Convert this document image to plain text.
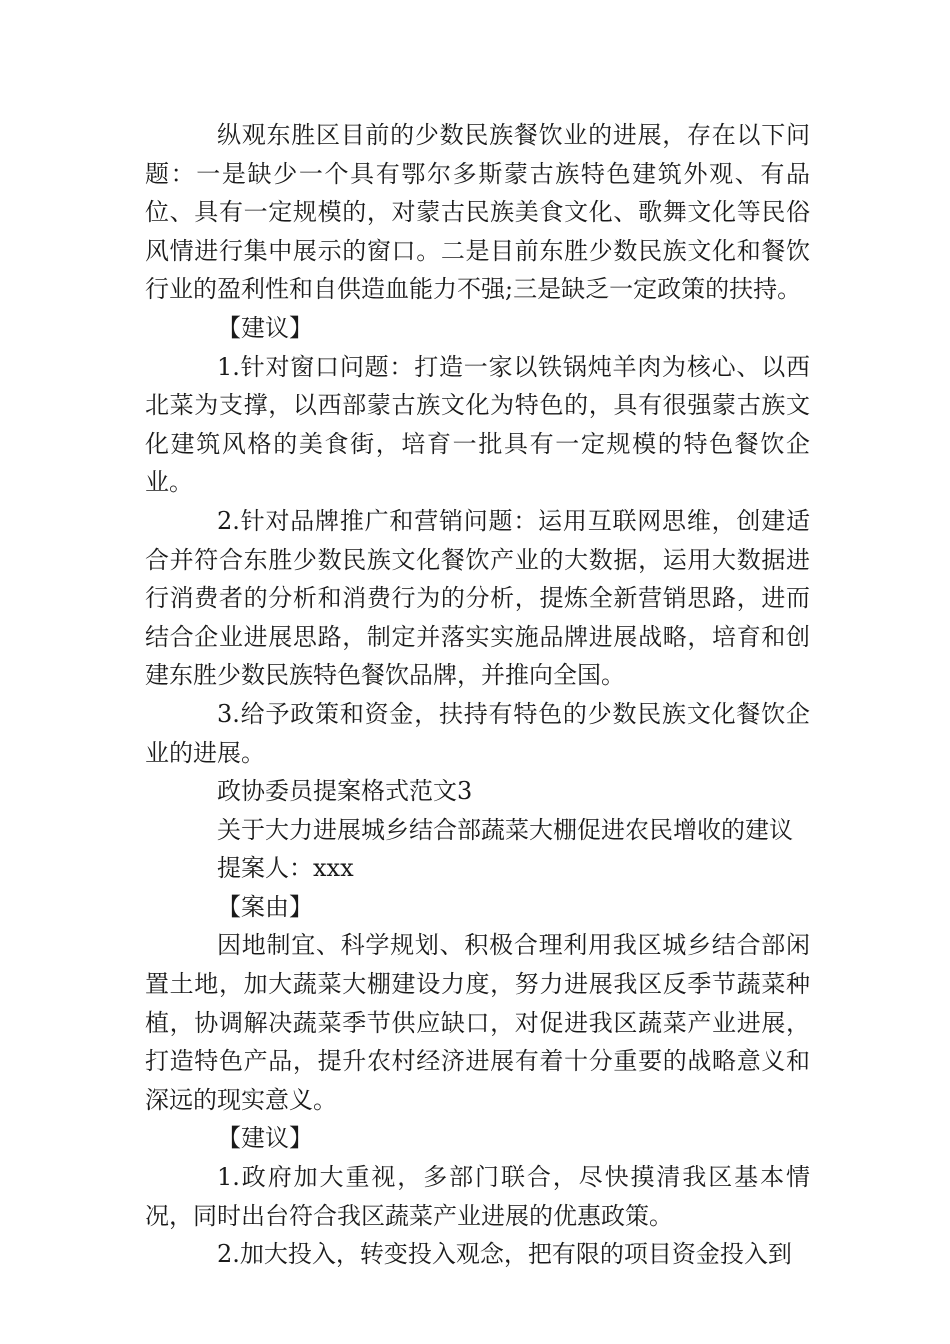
纵观东胜区目前的少数民族餐饮业的进展，存在以下问题：一是缺少一个具有鄂尔多斯蒙古族特色建筑外观、有品位、具有一定规模的，对蒙古民族美食文化、歌舞文化等民俗风情进行集中展示的窗口。二是目前东胜少数民族文化和餐饮行业的盈利性和自供造血能力不强;三是缺乏一定政策的扶持。

【建议】

1.针对窗口问题：打造一家以铁锅炖羊肉为核心、以西北菜为支撑，以西部蒙古族文化为特色的，具有很强蒙古族文化建筑风格的美食街，培育一批具有一定规模的特色餐饮企业。

2.针对品牌推广和营销问题：运用互联网思维，创建适合并符合东胜少数民族文化餐饮产业的大数据，运用大数据进行消费者的分析和消费行为的分析，提炼全新营销思路，进而结合企业进展思路，制定并落实实施品牌进展战略，培育和创建东胜少数民族特色餐饮品牌，并推向全国。

3.给予政策和资金，扶持有特色的少数民族文化餐饮企业的进展。

政协委员提案格式范文3

关于大力进展城乡结合部蔬菜大棚促进农民增收的建议

提案人：xxx

【案由】

因地制宜、科学规划、积极合理利用我区城乡结合部闲置土地，加大蔬菜大棚建设力度，努力进展我区反季节蔬菜种植，协调解决蔬菜季节供应缺口，对促进我区蔬菜产业进展，打造特色产品，提升农村经济进展有着十分重要的战略意义和深远的现实意义。

【建议】

1.政府加大重视，多部门联合，尽快摸清我区基本情况，同时出台符合我区蔬菜产业进展的优惠政策。

2.加大投入，转变投入观念，把有限的项目资金投入到
